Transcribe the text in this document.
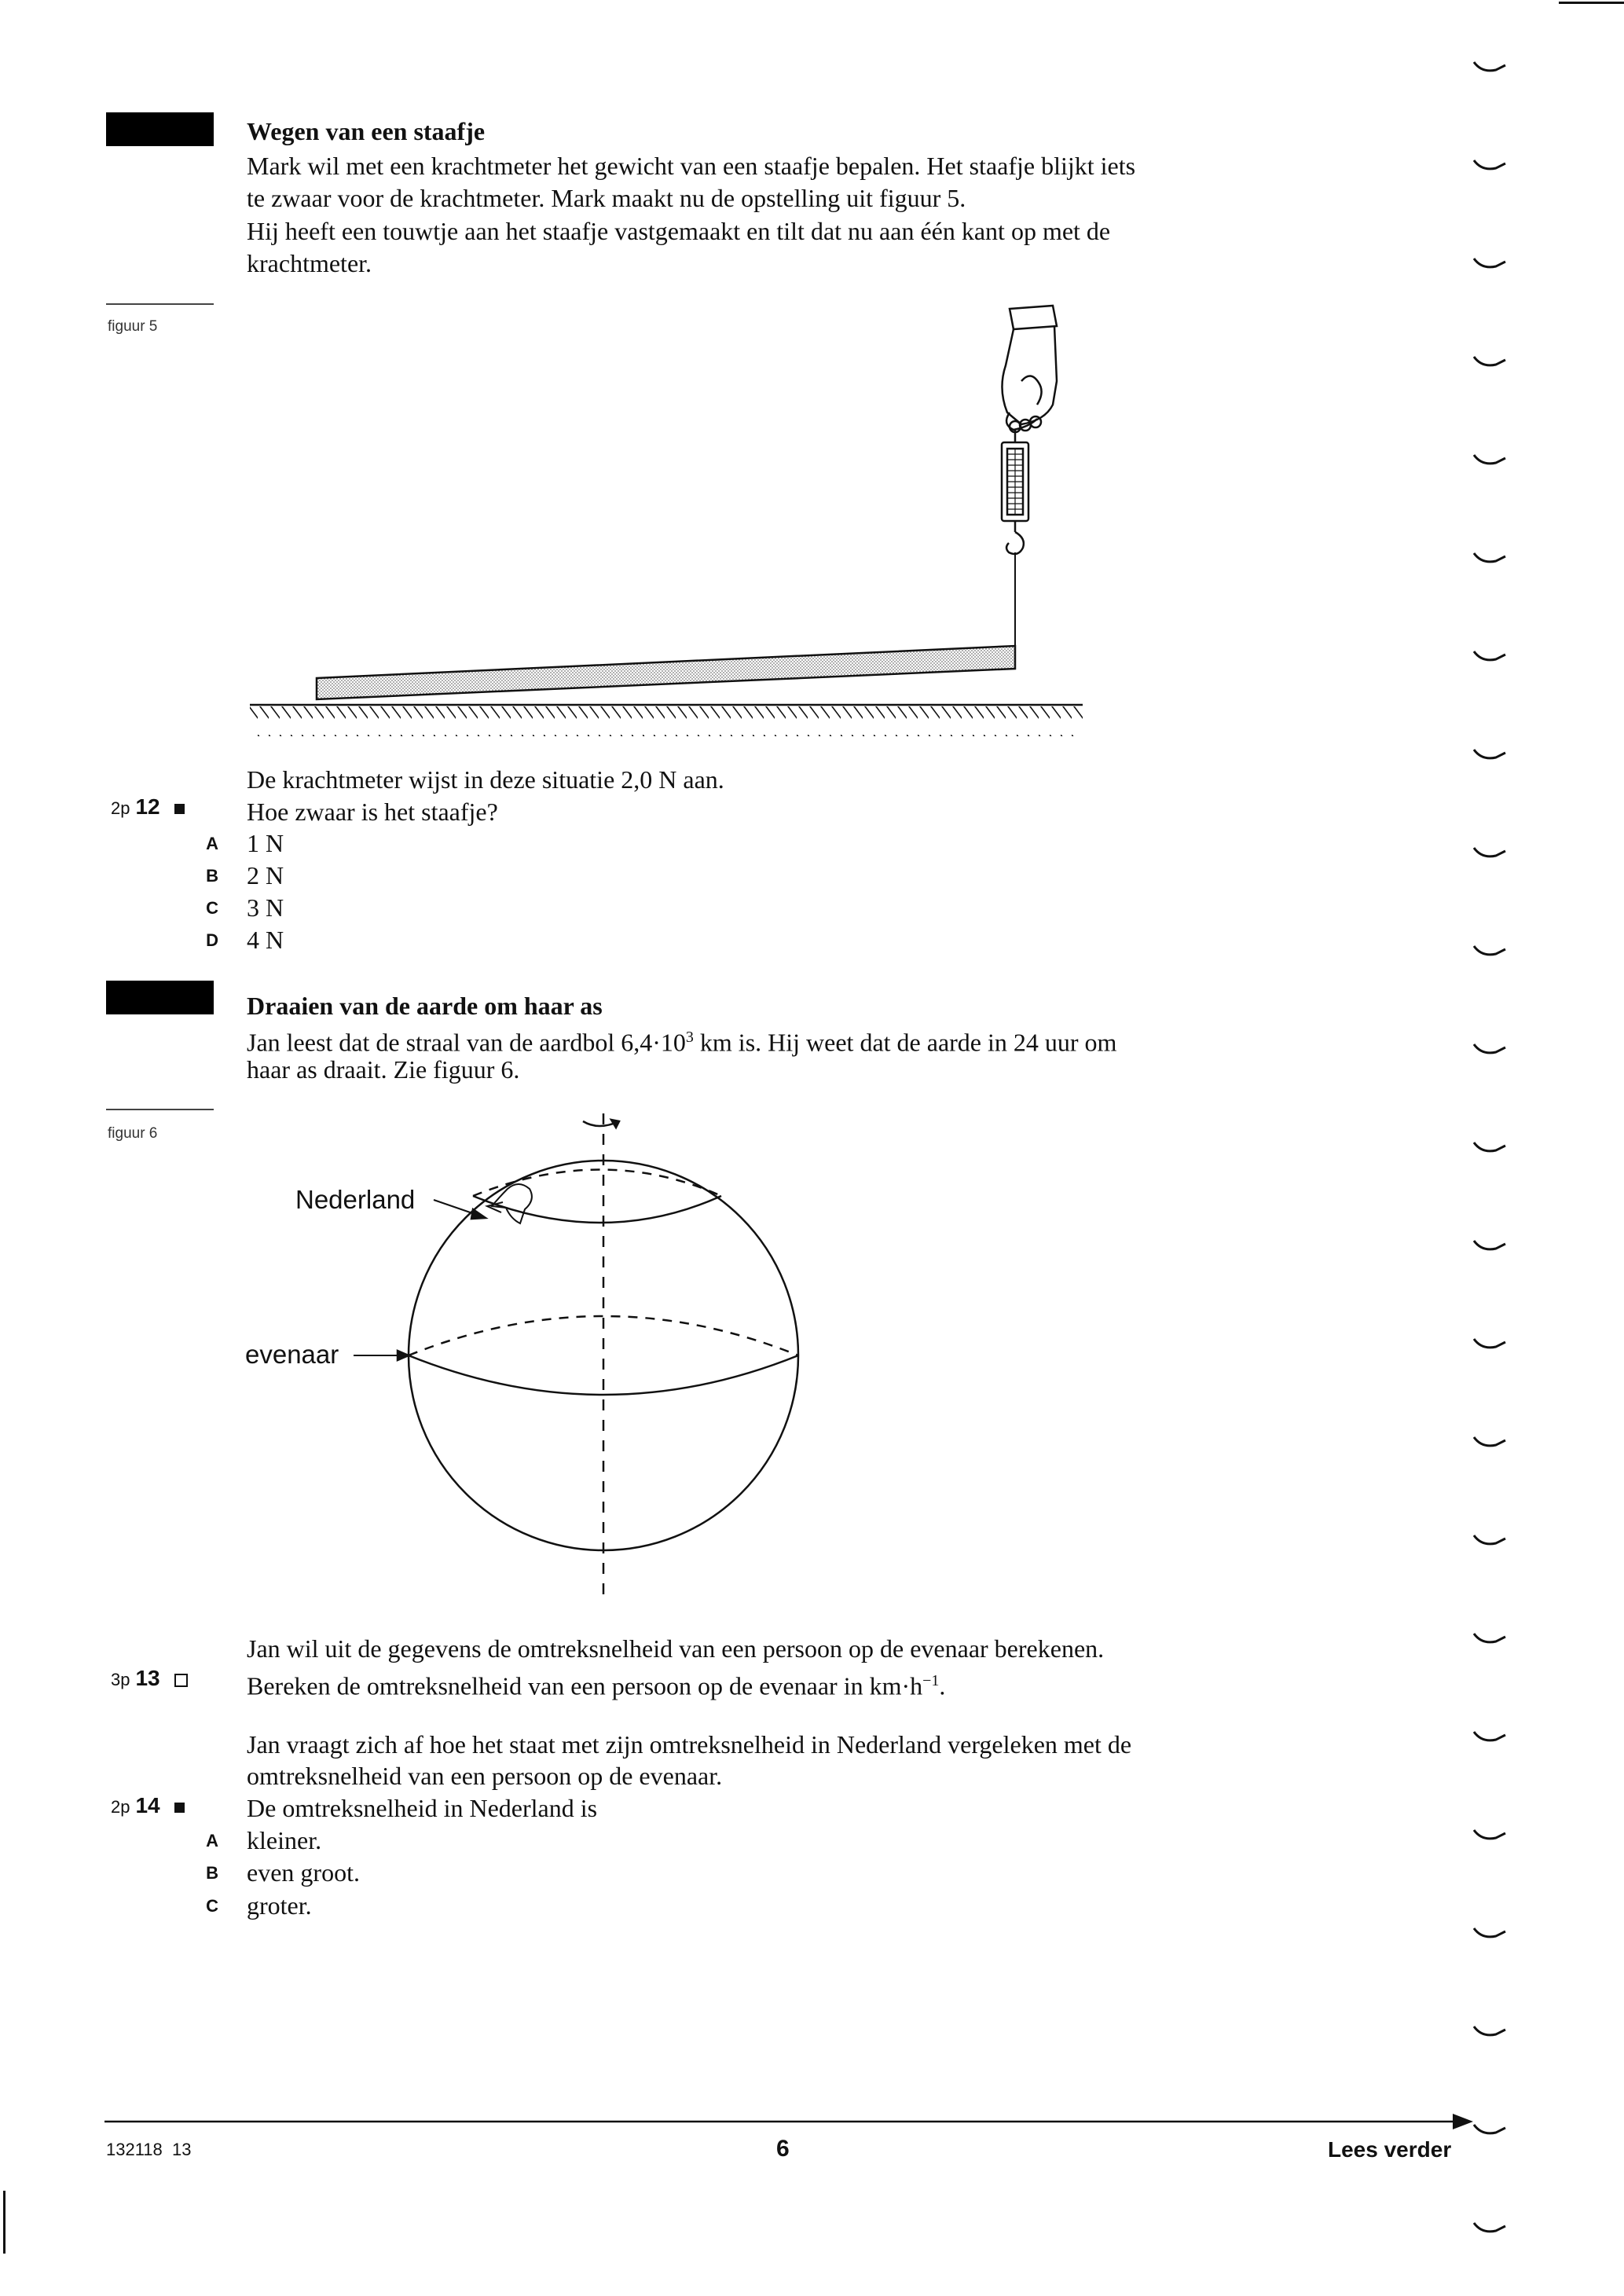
Wegen van een staafje
Mark wil met een krachtmeter het gewicht van een staafje bepalen. Het staafje blijkt iets
te zwaar voor de krachtmeter. Mark maakt nu de opstelling uit figuur 5.
Hij heeft een touwtje aan het staafje vastgemaakt en tilt dat nu aan één kant op met de
krachtmeter.
figuur 5
De krachtmeter wijst in deze situatie 2,0 N aan.
2p 12	Hoe zwaar is het staafje?
A 1 N
B 2 N
C 3 N
D 4 N
Draaien van de aarde om haar as
Jan leest dat de straal van de aardbol $6,4\cdot 10^3$ km is. Hij weet dat de aarde in 24 uur om
haar as draait. Zie figuur 6.
figuur 6
Nederland
evenaar
Jan wil uit de gegevens de omtreksnelheid van een persoon op de evenaar berekenen.
3p 13	Bereken de omtreksnelheid van een persoon op de evenaar in $km\cdot h^{-1}$.
Jan vraagt zich af hoe het staat met zijn omtreksnelheid in Nederland vergeleken met de
omtreksnelheid van een persoon op de evenaar.
2p 14	De omtreksnelheid in Nederland is
A kleiner.
B even groot.
C groter.
132118  13	6	Lees verder
